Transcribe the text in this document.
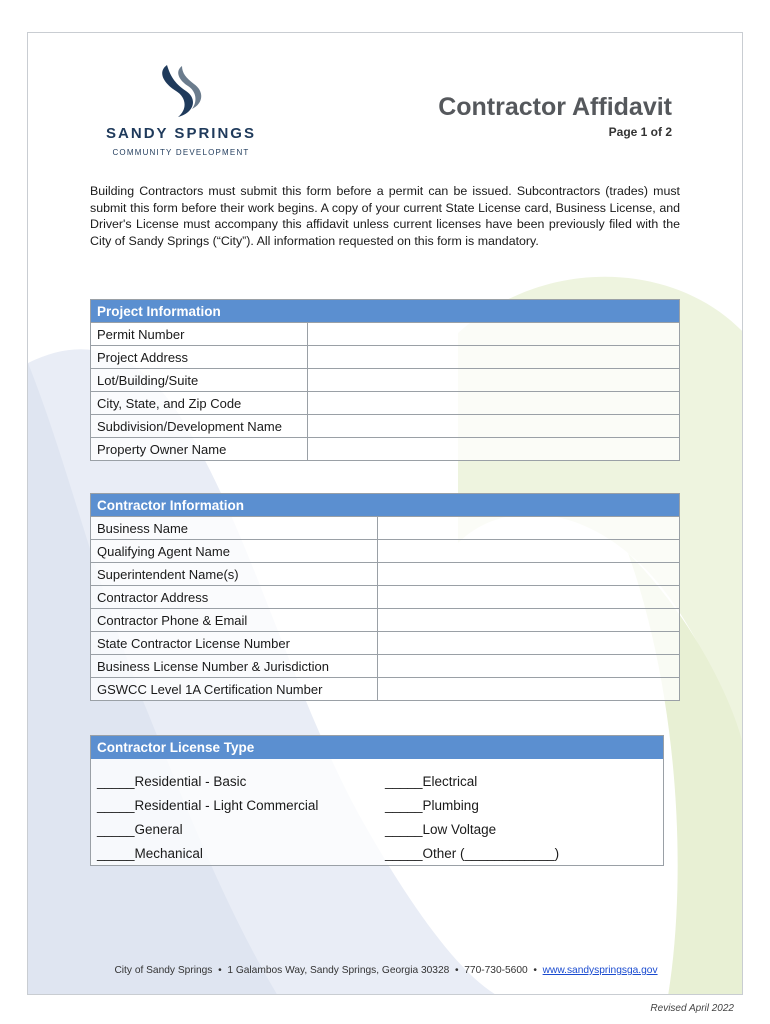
SANDY SPRINGS
COMMUNITY DEVELOPMENT
Contractor Affidavit
Page 1 of 2
Building Contractors must submit this form before a permit can be issued. Subcontractors (trades) must submit this form before their work begins. A copy of your current State License card, Business License, and Driver's License must accompany this affidavit unless current licenses have been previously filed with the City of Sandy Springs (“City”). All information requested on this form is mandatory.
Project Information	
Permit Number	
Project Address	
Lot/Building/Suite	
City, State, and Zip Code	
Subdivision/Development Name	
Property Owner Name	
Contractor Information	
Business Name	
Qualifying Agent Name	
Superintendent Name(s)	
Contractor Address	
Contractor Phone & Email	
State Contractor License Number	
Business License Number & Jurisdiction	
GSWCC Level 1A Certification Number	
Contractor License Type
_____Residential - Basic
_____Residential - Light Commercial
_____General
_____Mechanical
_____Electrical
_____Plumbing
_____Low Voltage
_____Other (____________)
City of Sandy Springs • 1 Galambos Way, Sandy Springs, Georgia 30328 • 770-730-5600 • www.sandyspringsga.gov
Revised April 2022
